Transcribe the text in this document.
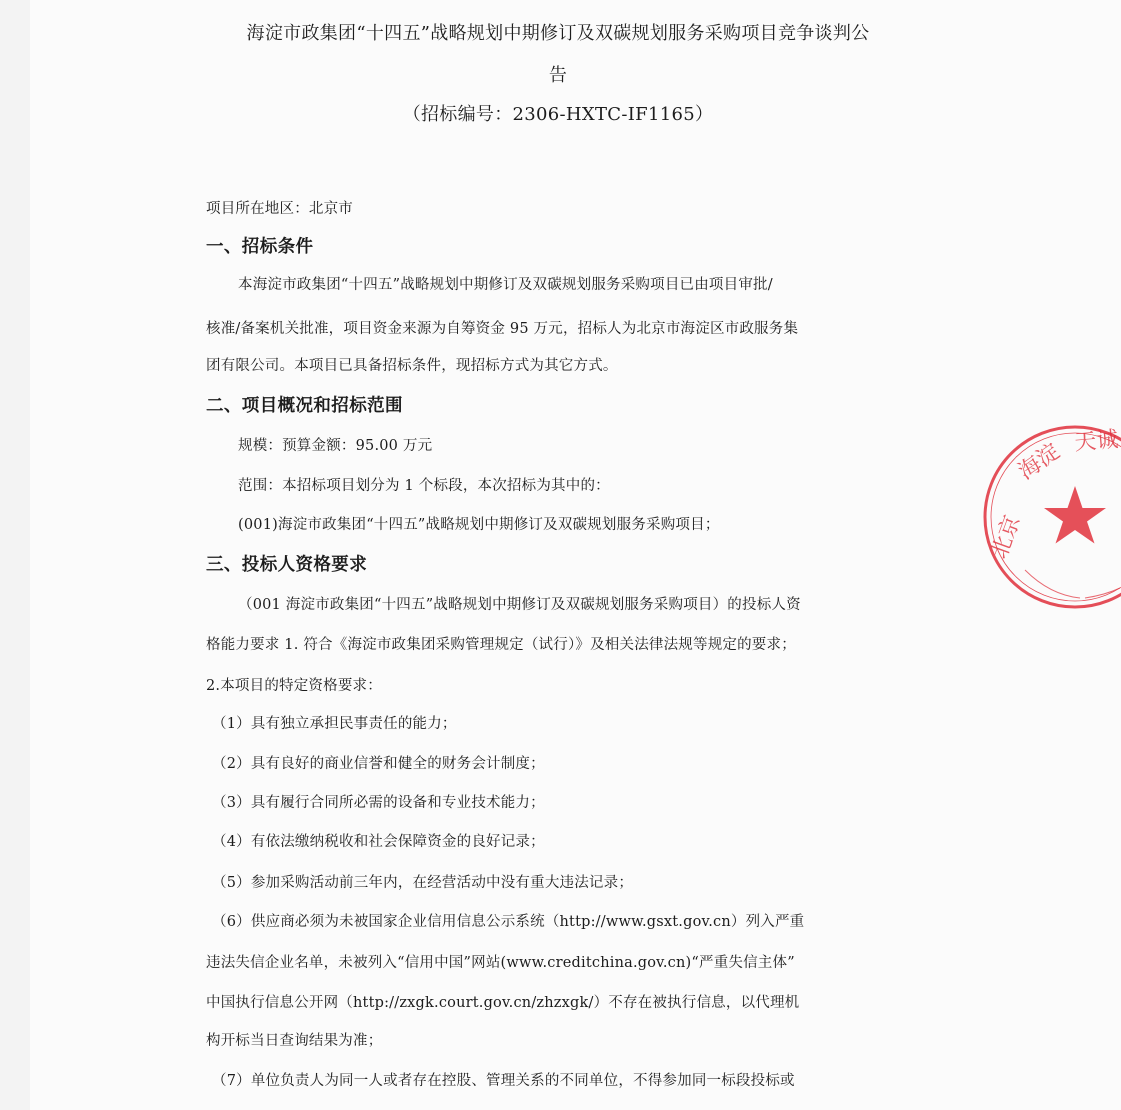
海淀市政集团“十四五”战略规划中期修订及双碳规划服务采购项目竞争谈判公
告
（招标编号：2306-HXTC-IF1165）
项目所在地区：北京市
一、招标条件
本海淀市政集团“十四五”战略规划中期修订及双碳规划服务采购项目已由项目审批/
核准/备案机关批准，项目资金来源为自筹资金 95 万元，招标人为北京市海淀区市政服务集
团有限公司。本项目已具备招标条件，现招标方式为其它方式。
二、项目概况和招标范围
规模：预算金额：95.00 万元
范围：本招标项目划分为 1 个标段，本次招标为其中的：
(001)海淀市政集团“十四五”战略规划中期修订及双碳规划服务采购项目；
三、投标人资格要求
（001 海淀市政集团“十四五”战略规划中期修订及双碳规划服务采购项目）的投标人资
格能力要求 1. 符合《海淀市政集团采购管理规定（试行）》及相关法律法规等规定的要求；
2.本项目的特定资格要求：
（1）具有独立承担民事责任的能力；
（2）具有良好的商业信誉和健全的财务会计制度；
（3）具有履行合同所必需的设备和专业技术能力；
（4）有依法缴纳税收和社会保障资金的良好记录；
（5）参加采购活动前三年内，在经营活动中没有重大违法记录；
（6）供应商必须为未被国家企业信用信息公示系统（http://www.gsxt.gov.cn）列入严重
违法失信企业名单，未被列入“信用中国”网站(www.creditchina.gov.cn)“严重失信主体”
中国执行信息公开网（http://zxgk.court.gov.cn/zhzxgk/）不存在被执行信息，以代理机
构开标当日查询结果为准；
（7）单位负责人为同一人或者存在控股、管理关系的不同单位，不得参加同一标段投标或
北京
海淀 天诚
